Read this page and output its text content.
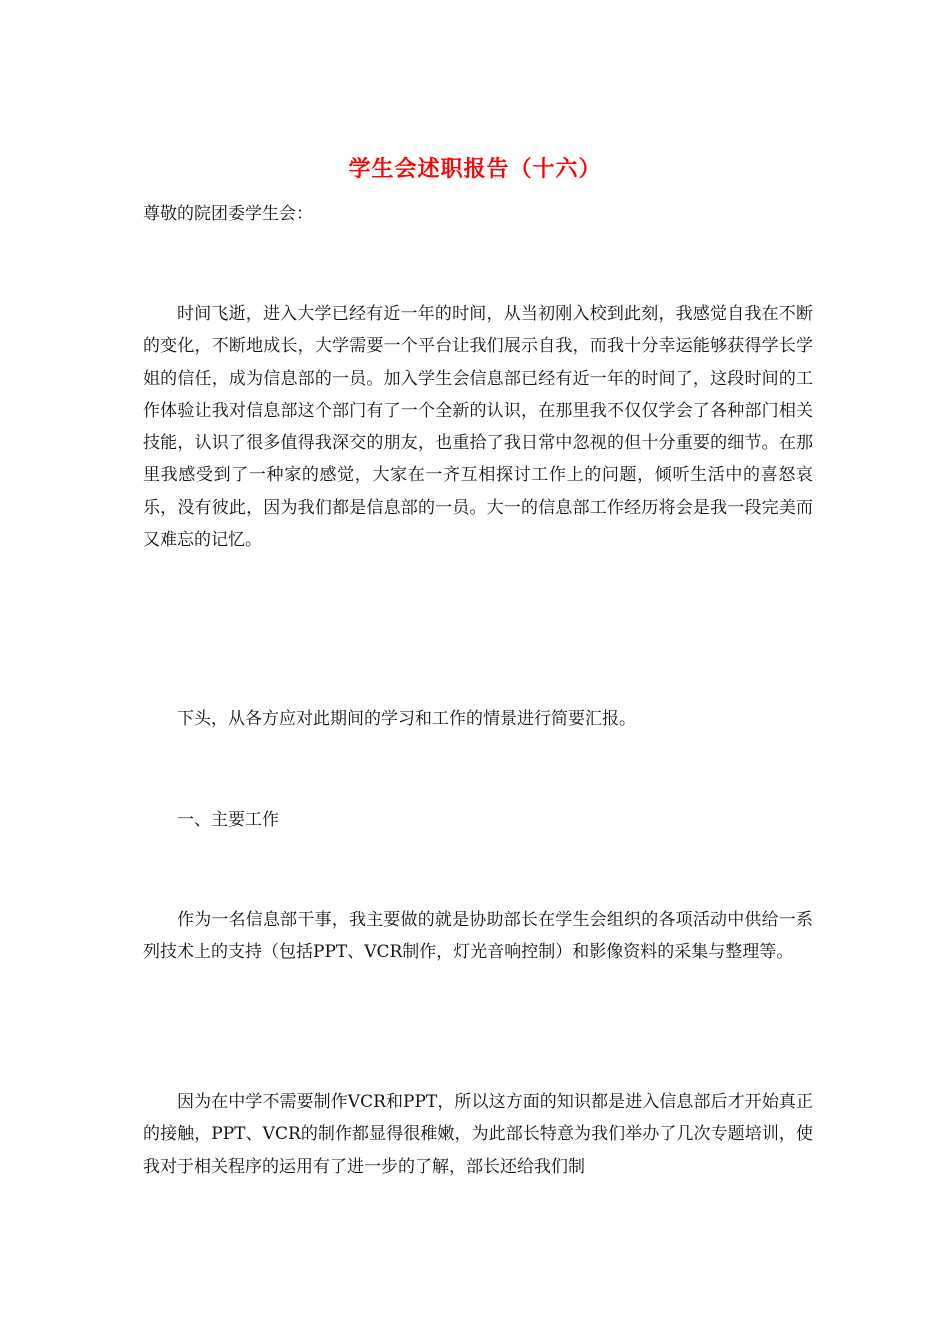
学生会述职报告（十六）
尊敬的院团委学生会：

时间飞逝，进入大学已经有近一年的时间，从当初刚入校到此刻，我感觉自我在不断的变化，不断地成长，大学需要一个平台让我们展示自我，而我十分幸运能够获得学长学姐的信任，成为信息部的一员。加入学生会信息部已经有近一年的时间了，这段时间的工作体验让我对信息部这个部门有了一个全新的认识，在那里我不仅仅学会了各种部门相关技能，认识了很多值得我深交的朋友，也重拾了我日常中忽视的但十分重要的细节。在那里我感受到了一种家的感觉，大家在一齐互相探讨工作上的问题，倾听生活中的喜怒哀乐，没有彼此，因为我们都是信息部的一员。大一的信息部工作经历将会是我一段完美而又难忘的记忆。

下头，从各方应对此期间的学习和工作的情景进行简要汇报。

一、主要工作

作为一名信息部干事，我主要做的就是协助部长在学生会组织的各项活动中供给一系列技术上的支持（包括PPT、VCR制作，灯光音响控制）和影像资料的采集与整理等。

因为在中学不需要制作VCR和PPT，所以这方面的知识都是进入信息部后才开始真正的接触，PPT、VCR的制作都显得很稚嫩，为此部长特意为我们举办了几次专题培训，使我对于相关程序的运用有了进一步的了解，部长还给我们制
